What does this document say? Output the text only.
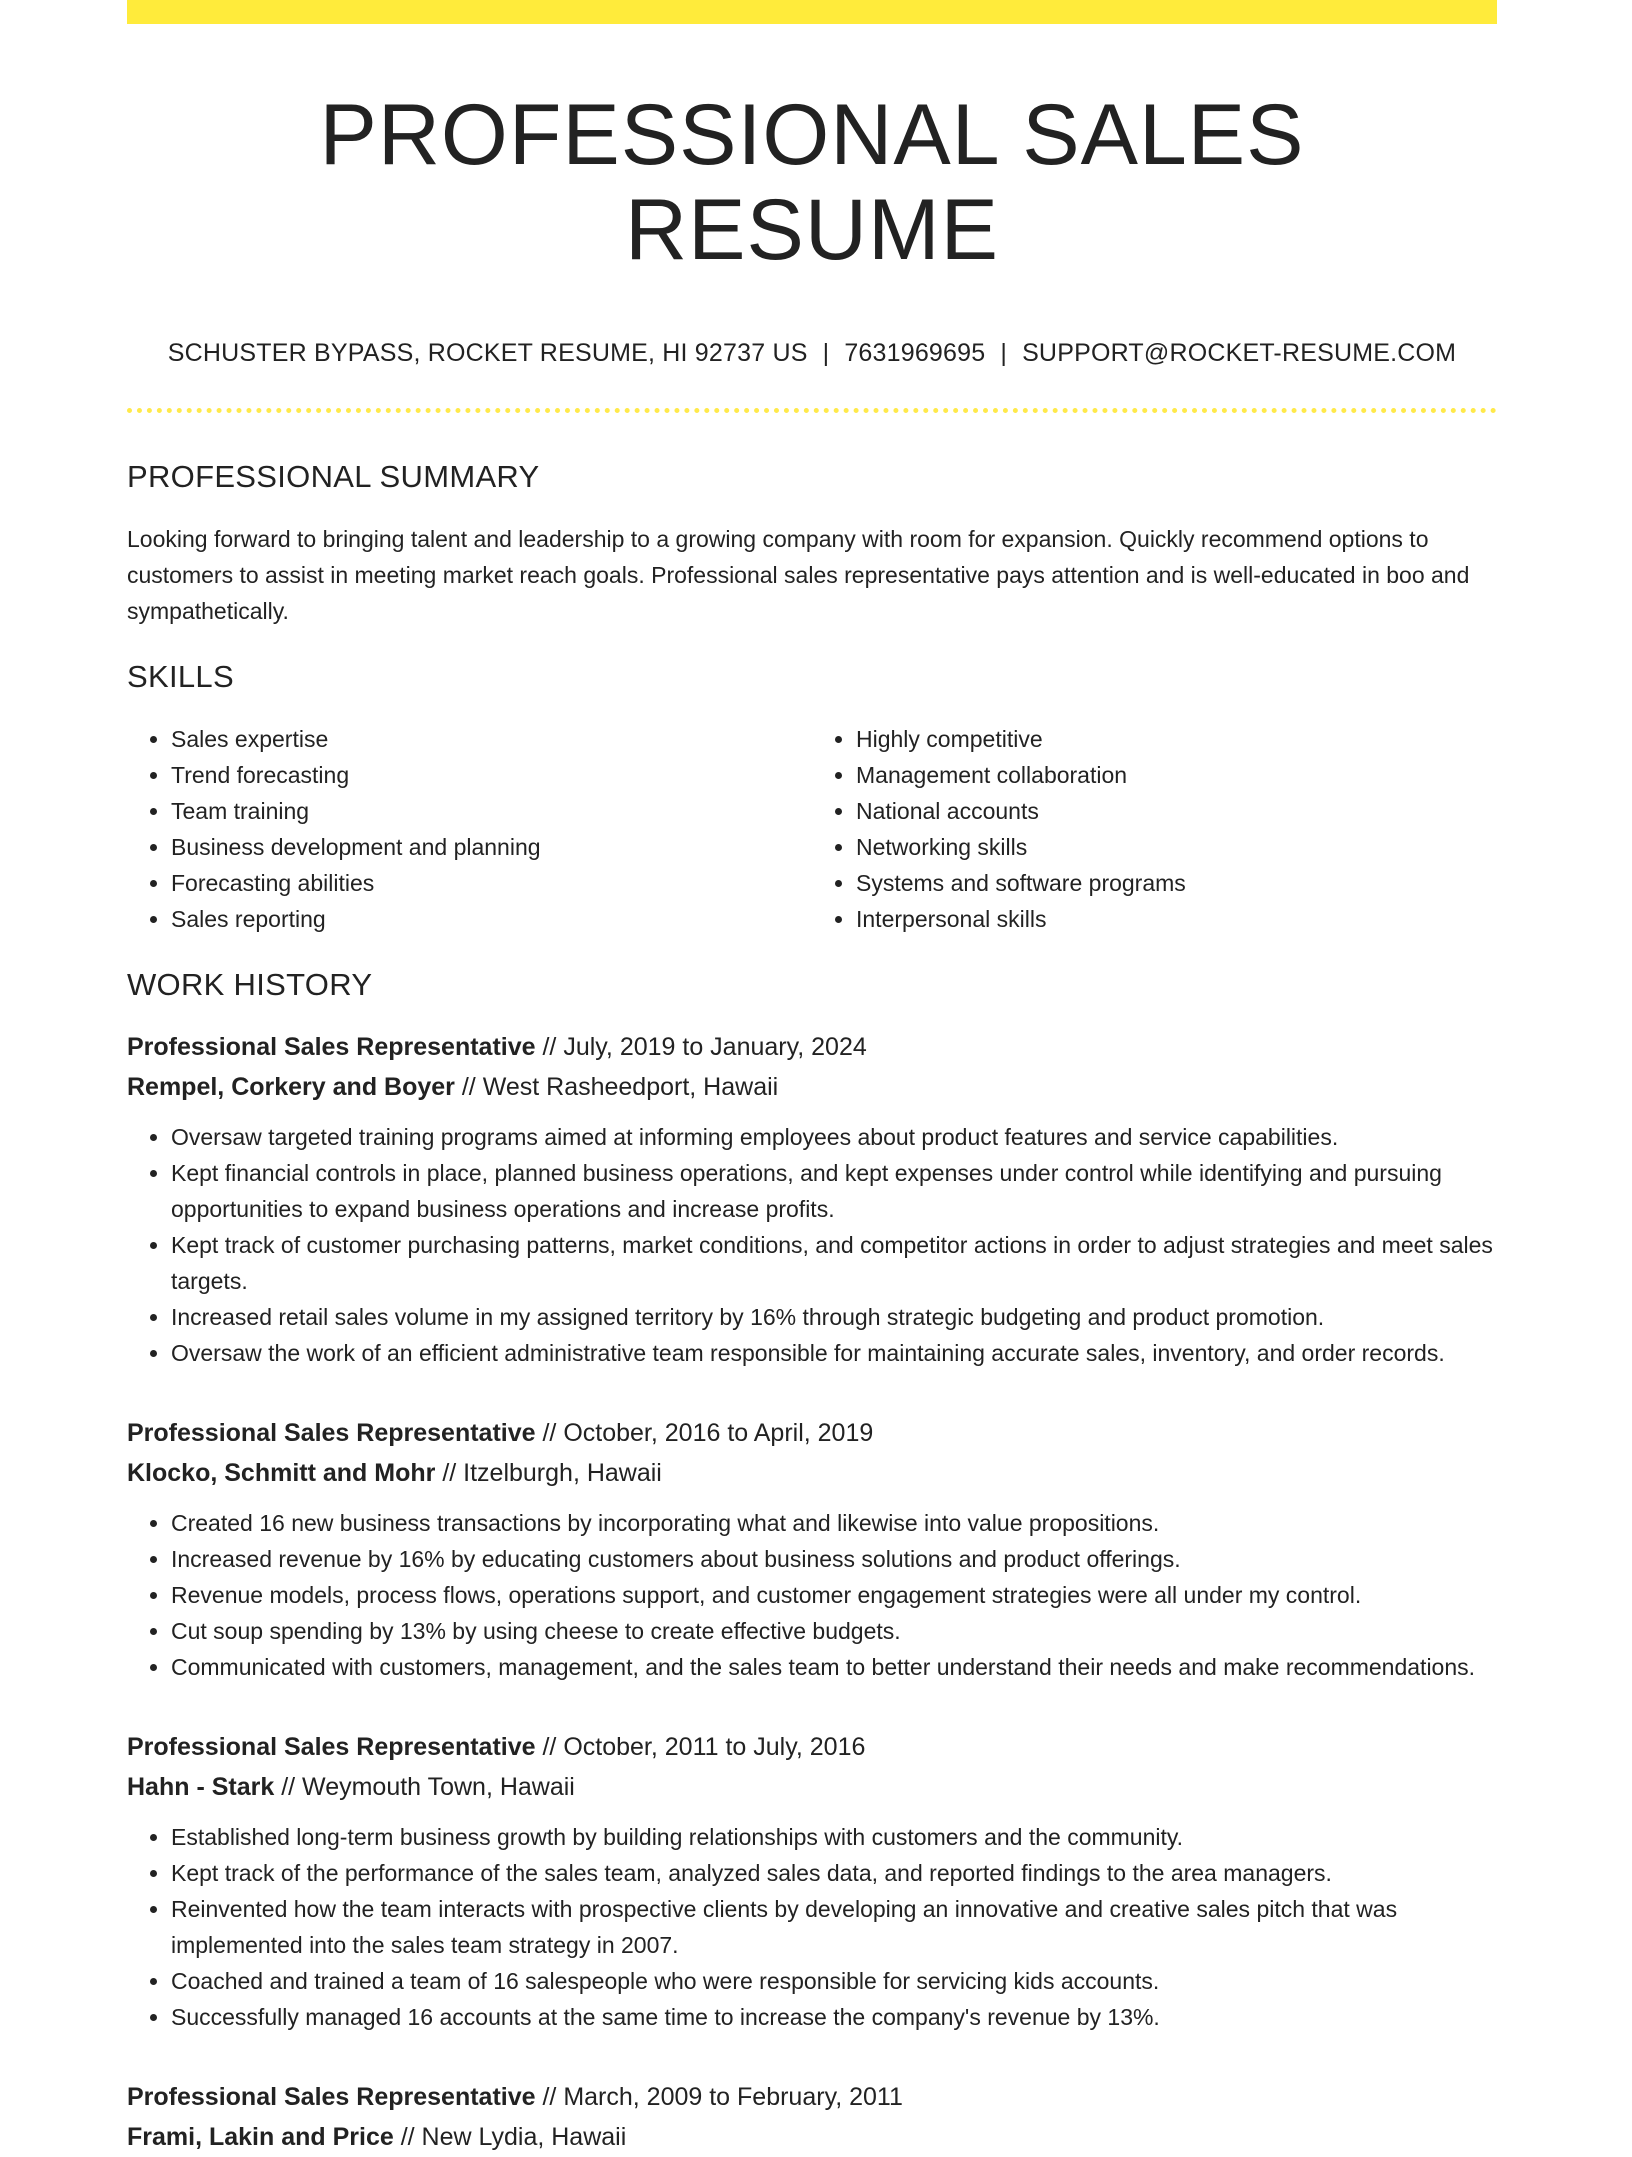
PROFESSIONAL SALES RESUME
SCHUSTER BYPASS, ROCKET RESUME, HI 92737 US | 7631969695 | SUPPORT@ROCKET-RESUME.COM
PROFESSIONAL SUMMARY

Looking forward to bringing talent and leadership to a growing company with room for expansion. Quickly recommend options to customers to assist in meeting market reach goals. Professional sales representative pays attention and is well-educated in boo and sympathetically.

SKILLS
• Sales expertise
• Trend forecasting
• Team training
• Business development and planning
• Forecasting abilities
• Sales reporting
• Highly competitive
• Management collaboration
• National accounts
• Networking skills
• Systems and software programs
• Interpersonal skills
WORK HISTORY
Professional Sales Representative // July, 2019 to January, 2024
Rempel, Corkery and Boyer // West Rasheedport, Hawaii
• Oversaw targeted training programs aimed at informing employees about product features and service capabilities.
• Kept financial controls in place, planned business operations, and kept expenses under control while identifying and pursuing opportunities to expand business operations and increase profits.
• Kept track of customer purchasing patterns, market conditions, and competitor actions in order to adjust strategies and meet sales targets.
• Increased retail sales volume in my assigned territory by 16% through strategic budgeting and product promotion.
• Oversaw the work of an efficient administrative team responsible for maintaining accurate sales, inventory, and order records.
Professional Sales Representative // October, 2016 to April, 2019
Klocko, Schmitt and Mohr // Itzelburgh, Hawaii
• Created 16 new business transactions by incorporating what and likewise into value propositions.
• Increased revenue by 16% by educating customers about business solutions and product offerings.
• Revenue models, process flows, operations support, and customer engagement strategies were all under my control.
• Cut soup spending by 13% by using cheese to create effective budgets.
• Communicated with customers, management, and the sales team to better understand their needs and make recommendations.
Professional Sales Representative // October, 2011 to July, 2016
Hahn - Stark // Weymouth Town, Hawaii
• Established long-term business growth by building relationships with customers and the community.
• Kept track of the performance of the sales team, analyzed sales data, and reported findings to the area managers.
• Reinvented how the team interacts with prospective clients by developing an innovative and creative sales pitch that was implemented into the sales team strategy in 2007.
• Coached and trained a team of 16 salespeople who were responsible for servicing kids accounts.
• Successfully managed 16 accounts at the same time to increase the company's revenue by 13%.
Professional Sales Representative // March, 2009 to February, 2011
Frami, Lakin and Price // New Lydia, Hawaii
